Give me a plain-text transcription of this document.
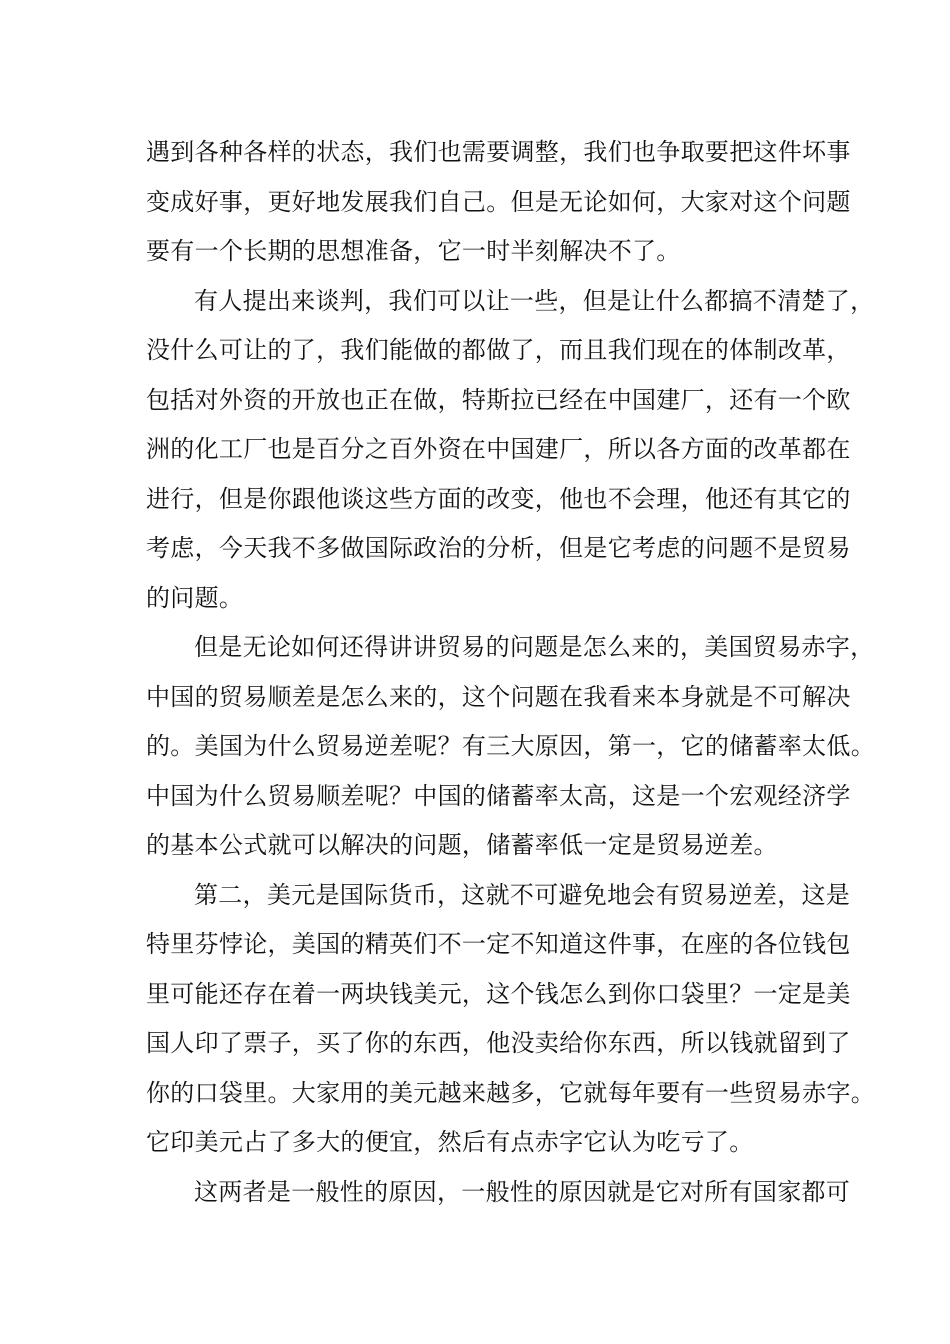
遇到各种各样的状态，我们也需要调整，我们也争取要把这件坏事
变成好事，更好地发展我们自己。但是无论如何，大家对这个问题
要有一个长期的思想准备，它一时半刻解决不了。
有人提出来谈判，我们可以让一些，但是让什么都搞不清楚了，
没什么可让的了，我们能做的都做了，而且我们现在的体制改革，
包括对外资的开放也正在做，特斯拉已经在中国建厂，还有一个欧
洲的化工厂也是百分之百外资在中国建厂，所以各方面的改革都在
进行，但是你跟他谈这些方面的改变，他也不会理，他还有其它的
考虑，今天我不多做国际政治的分析，但是它考虑的问题不是贸易
的问题。
但是无论如何还得讲讲贸易的问题是怎么来的，美国贸易赤字，
中国的贸易顺差是怎么来的，这个问题在我看来本身就是不可解决
的。美国为什么贸易逆差呢？有三大原因，第一，它的储蓄率太低。
中国为什么贸易顺差呢？中国的储蓄率太高，这是一个宏观经济学
的基本公式就可以解决的问题，储蓄率低一定是贸易逆差。
第二，美元是国际货币，这就不可避免地会有贸易逆差，这是
特里芬悖论，美国的精英们不一定不知道这件事，在座的各位钱包
里可能还存在着一两块钱美元，这个钱怎么到你口袋里？一定是美
国人印了票子，买了你的东西，他没卖给你东西，所以钱就留到了
你的口袋里。大家用的美元越来越多，它就每年要有一些贸易赤字。
它印美元占了多大的便宜，然后有点赤字它认为吃亏了。
这两者是一般性的原因，一般性的原因就是它对所有国家都可
